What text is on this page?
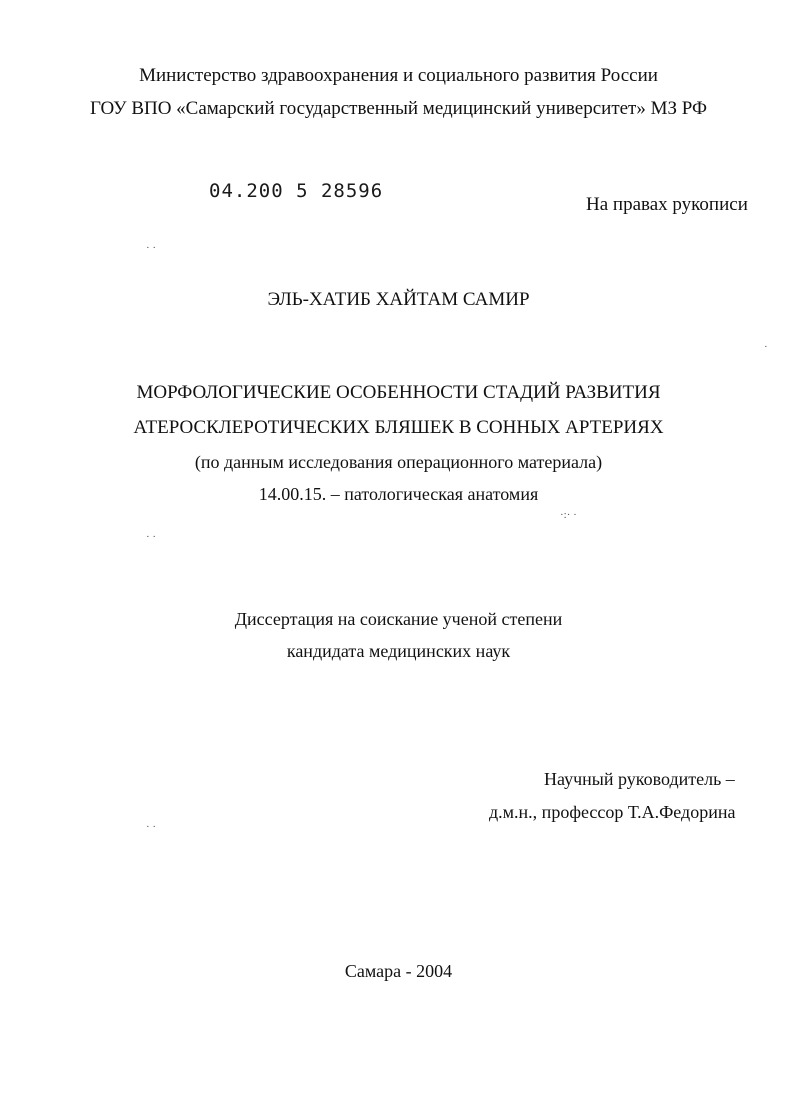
Министерство здравоохранения и социального развития России
ГОУ ВПО «Самарский государственный медицинский университет» МЗ РФ
04.200 5 28596
На правах рукописи
ЭЛЬ-ХАТИБ ХАЙТАМ САМИР
МОРФОЛОГИЧЕСКИЕ ОСОБЕННОСТИ СТАДИЙ РАЗВИТИЯ
АТЕРОСКЛЕРОТИЧЕСКИХ БЛЯШЕК В СОННЫХ АРТЕРИЯХ
(по данным исследования операционного материала)
14.00.15. – патологическая анатомия
Диссертация на соискание ученой степени
кандидата медицинских наук
Научный руководитель –
д.м.н., профессор Т.А.Федорина
Самара - 2004
· ·
· ·
· ·
·:· ·
·
